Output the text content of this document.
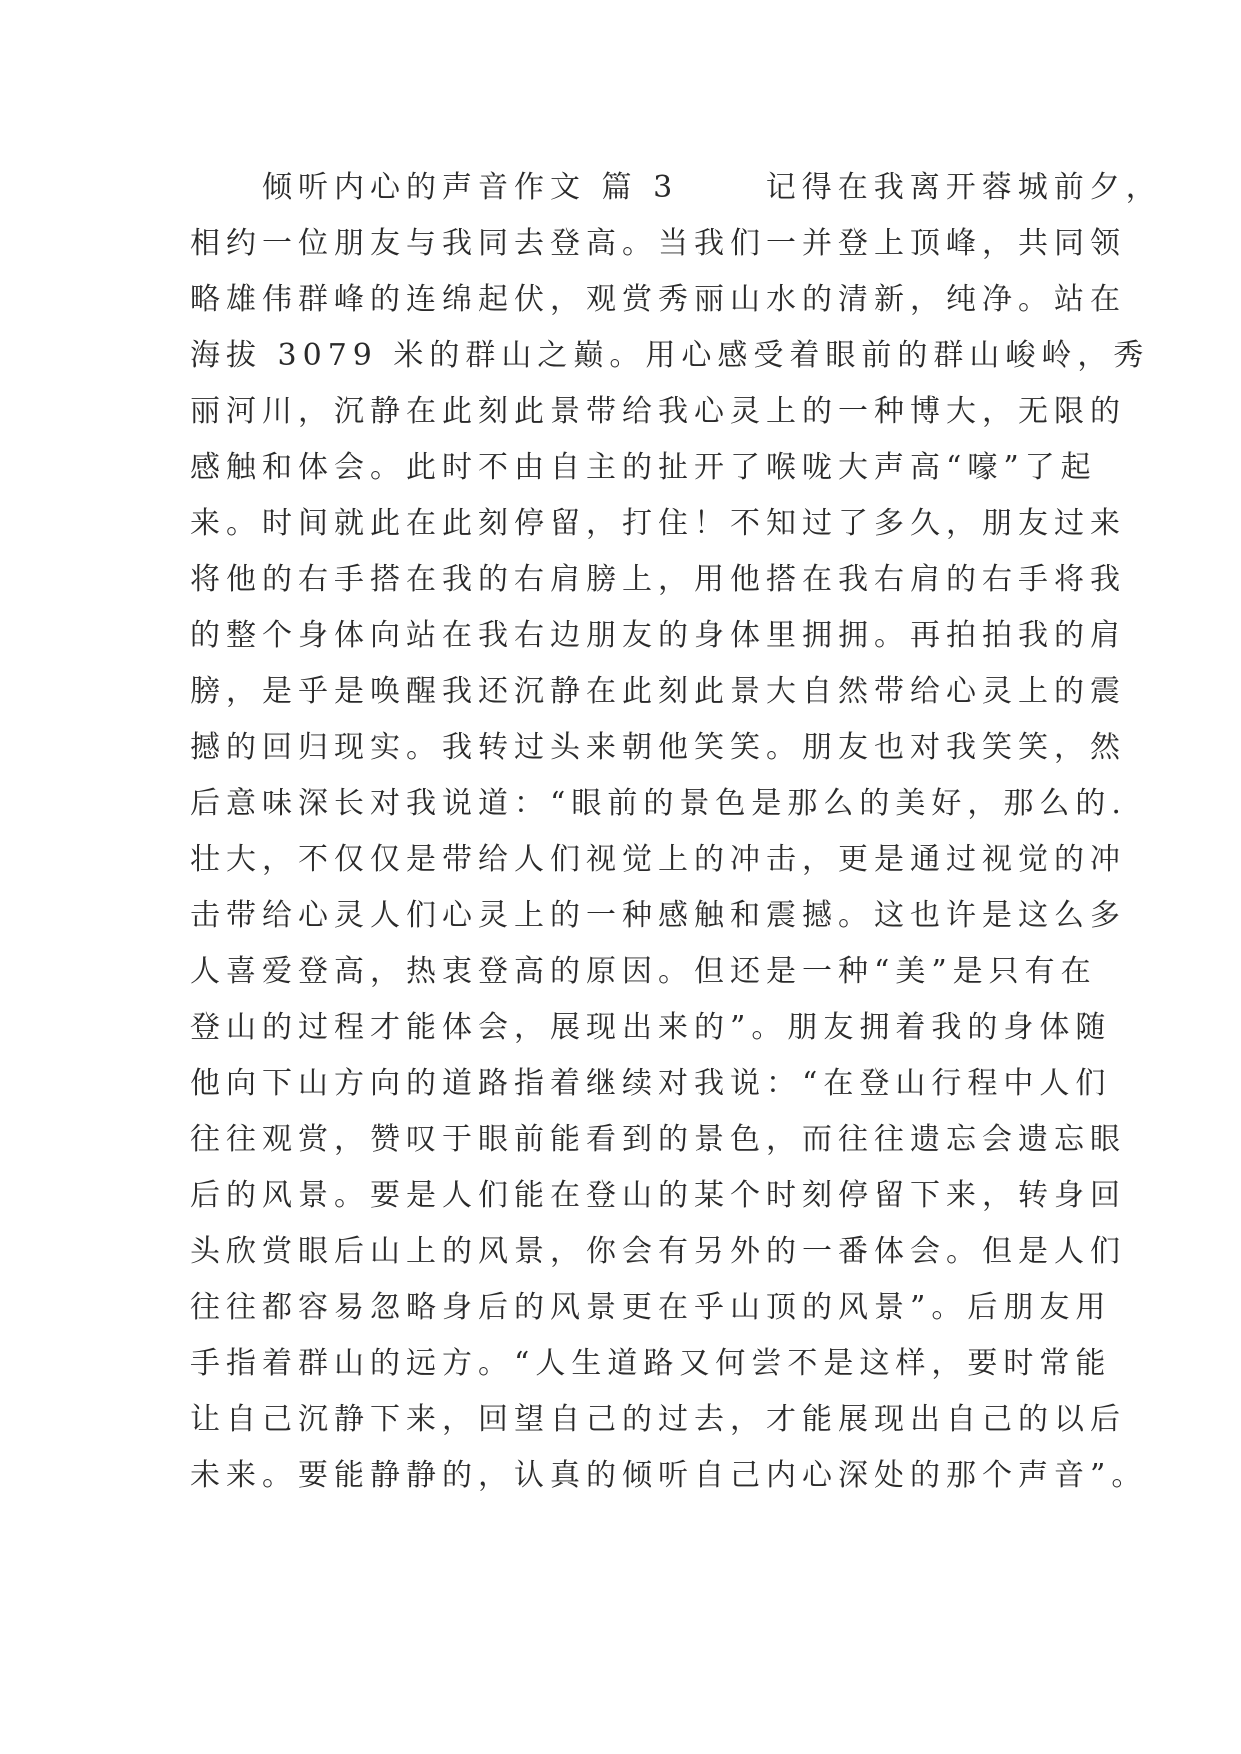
　　倾听内心的声音作文 篇 3 　　记得在我离开蓉城前夕，
相约一位朋友与我同去登高。当我们一并登上顶峰，共同领
略雄伟群峰的连绵起伏，观赏秀丽山水的清新，纯净。站在
海拔 3079 米的群山之巅。用心感受着眼前的群山峻岭，秀
丽河川，沉静在此刻此景带给我心灵上的一种博大，无限的
感触和体会。此时不由自主的扯开了喉咙大声高“嚎”了起
来。时间就此在此刻停留，打住！不知过了多久，朋友过来
将他的右手搭在我的右肩膀上，用他搭在我右肩的右手将我
的整个身体向站在我右边朋友的身体里拥拥。再拍拍我的肩
膀，是乎是唤醒我还沉静在此刻此景大自然带给心灵上的震
撼的回归现实。我转过头来朝他笑笑。朋友也对我笑笑，然
后意味深长对我说道：“眼前的景色是那么的美好，那么的.
壮大，不仅仅是带给人们视觉上的冲击，更是通过视觉的冲
击带给心灵人们心灵上的一种感触和震撼。这也许是这么多
人喜爱登高，热衷登高的原因。但还是一种“美”是只有在
登山的过程才能体会，展现出来的”。朋友拥着我的身体随
他向下山方向的道路指着继续对我说：“在登山行程中人们
往往观赏，赞叹于眼前能看到的景色，而往往遗忘会遗忘眼
后的风景。要是人们能在登山的某个时刻停留下来，转身回
头欣赏眼后山上的风景，你会有另外的一番体会。但是人们
往往都容易忽略身后的风景更在乎山顶的风景”。后朋友用
手指着群山的远方。“人生道路又何尝不是这样，要时常能
让自己沉静下来，回望自己的过去，才能展现出自己的以后
未来。要能静静的，认真的倾听自己内心深处的那个声音”。
